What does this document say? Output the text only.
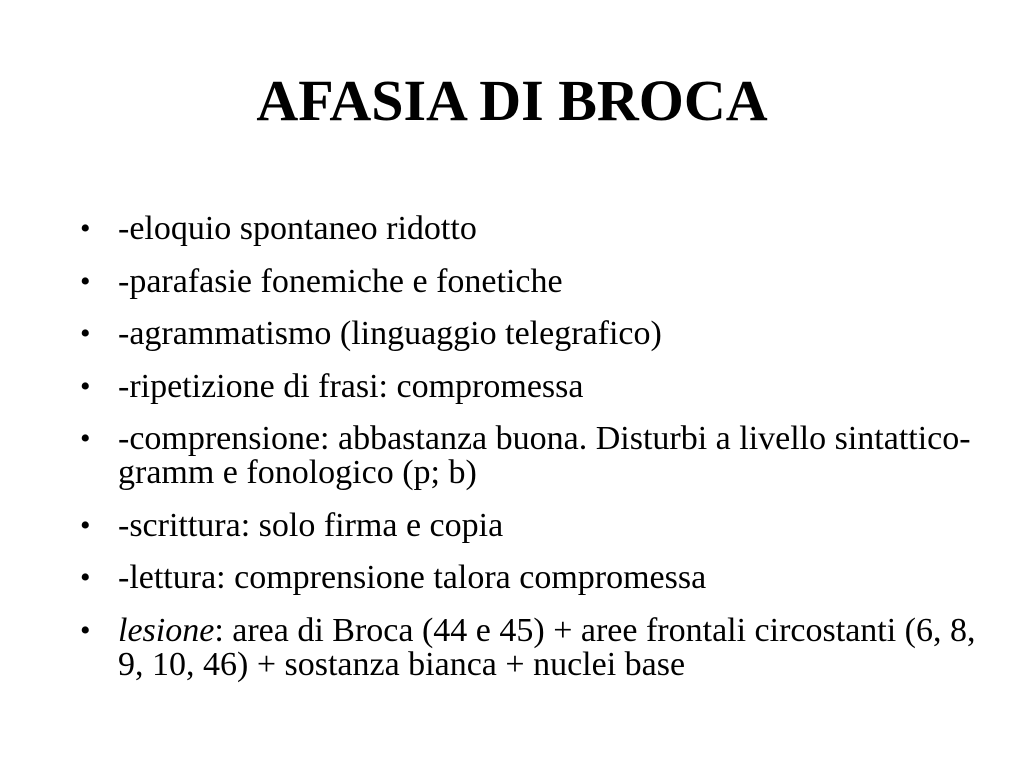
AFASIA DI BROCA
• -eloquio spontaneo ridotto
• -parafasie fonemiche e fonetiche
• -agrammatismo (linguaggio telegrafico)
• -ripetizione di frasi: compromessa
• -comprensione: abbastanza buona. Disturbi a livello sintattico-gramm e fonologico (p; b)
• -scrittura: solo firma e copia
• -lettura: comprensione talora compromessa
• lesione: area di Broca (44 e 45) + aree frontali circostanti (6, 8, 9, 10, 46) + sostanza bianca + nuclei base
